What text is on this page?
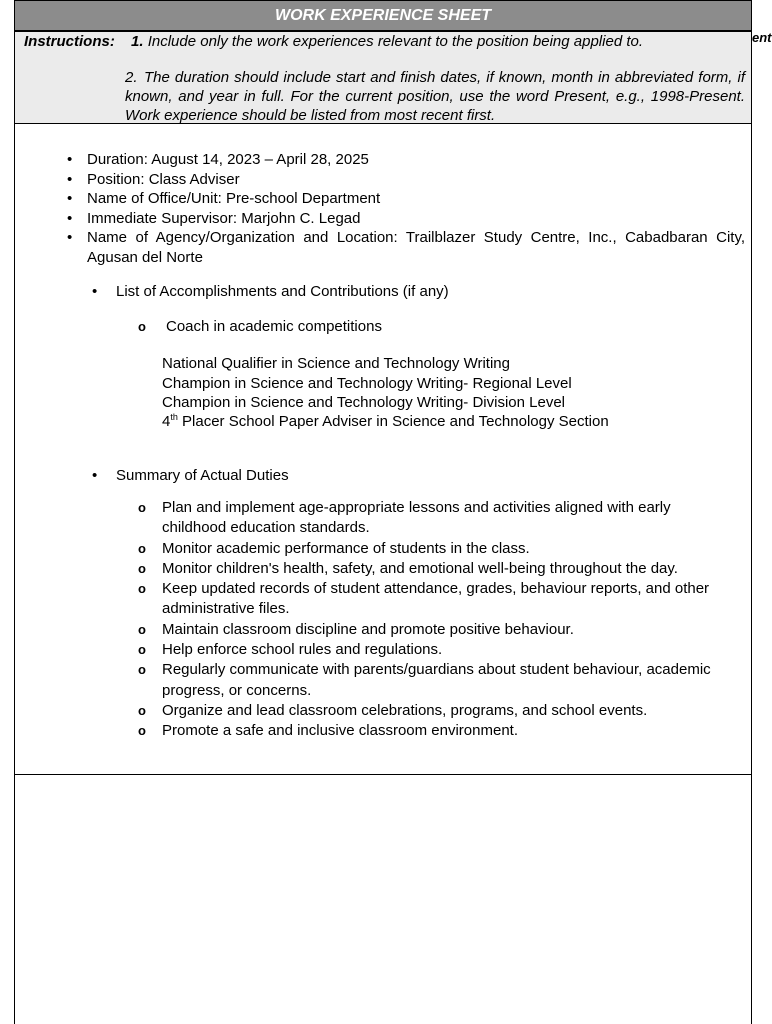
WORK EXPERIENCE SHEET
Instructions: 1. Include only the work experiences relevant to the position being applied to.
2. The duration should include start and finish dates, if known, month in abbreviated form, if known, and year in full. For the current position, use the word Present, e.g., 1998-Present. Work experience should be listed from most recent first.
• Duration: August 14, 2023 – April 28, 2025
• Position: Class Adviser
• Name of Office/Unit: Pre-school Department
• Immediate Supervisor: Marjohn C. Legad
• Name of Agency/Organization and Location: Trailblazer Study Centre, Inc., Cabadbaran City, Agusan del Norte
• List of Accomplishments and Contributions (if any)
o Coach in academic competitions
National Qualifier in Science and Technology Writing
Champion in Science and Technology Writing- Regional Level
Champion in Science and Technology Writing- Division Level
4th Placer School Paper Adviser in Science and Technology Section
• Summary of Actual Duties
o Plan and implement age-appropriate lessons and activities aligned with early childhood education standards.
o Monitor academic performance of students in the class.
o Monitor children's health, safety, and emotional well-being throughout the day.
o Keep updated records of student attendance, grades, behaviour reports, and other administrative files.
o Maintain classroom discipline and promote positive behaviour.
o Help enforce school rules and regulations.
o Regularly communicate with parents/guardians about student behaviour, academic progress, or concerns.
o Organize and lead classroom celebrations, programs, and school events.
o Promote a safe and inclusive classroom environment.
ent
